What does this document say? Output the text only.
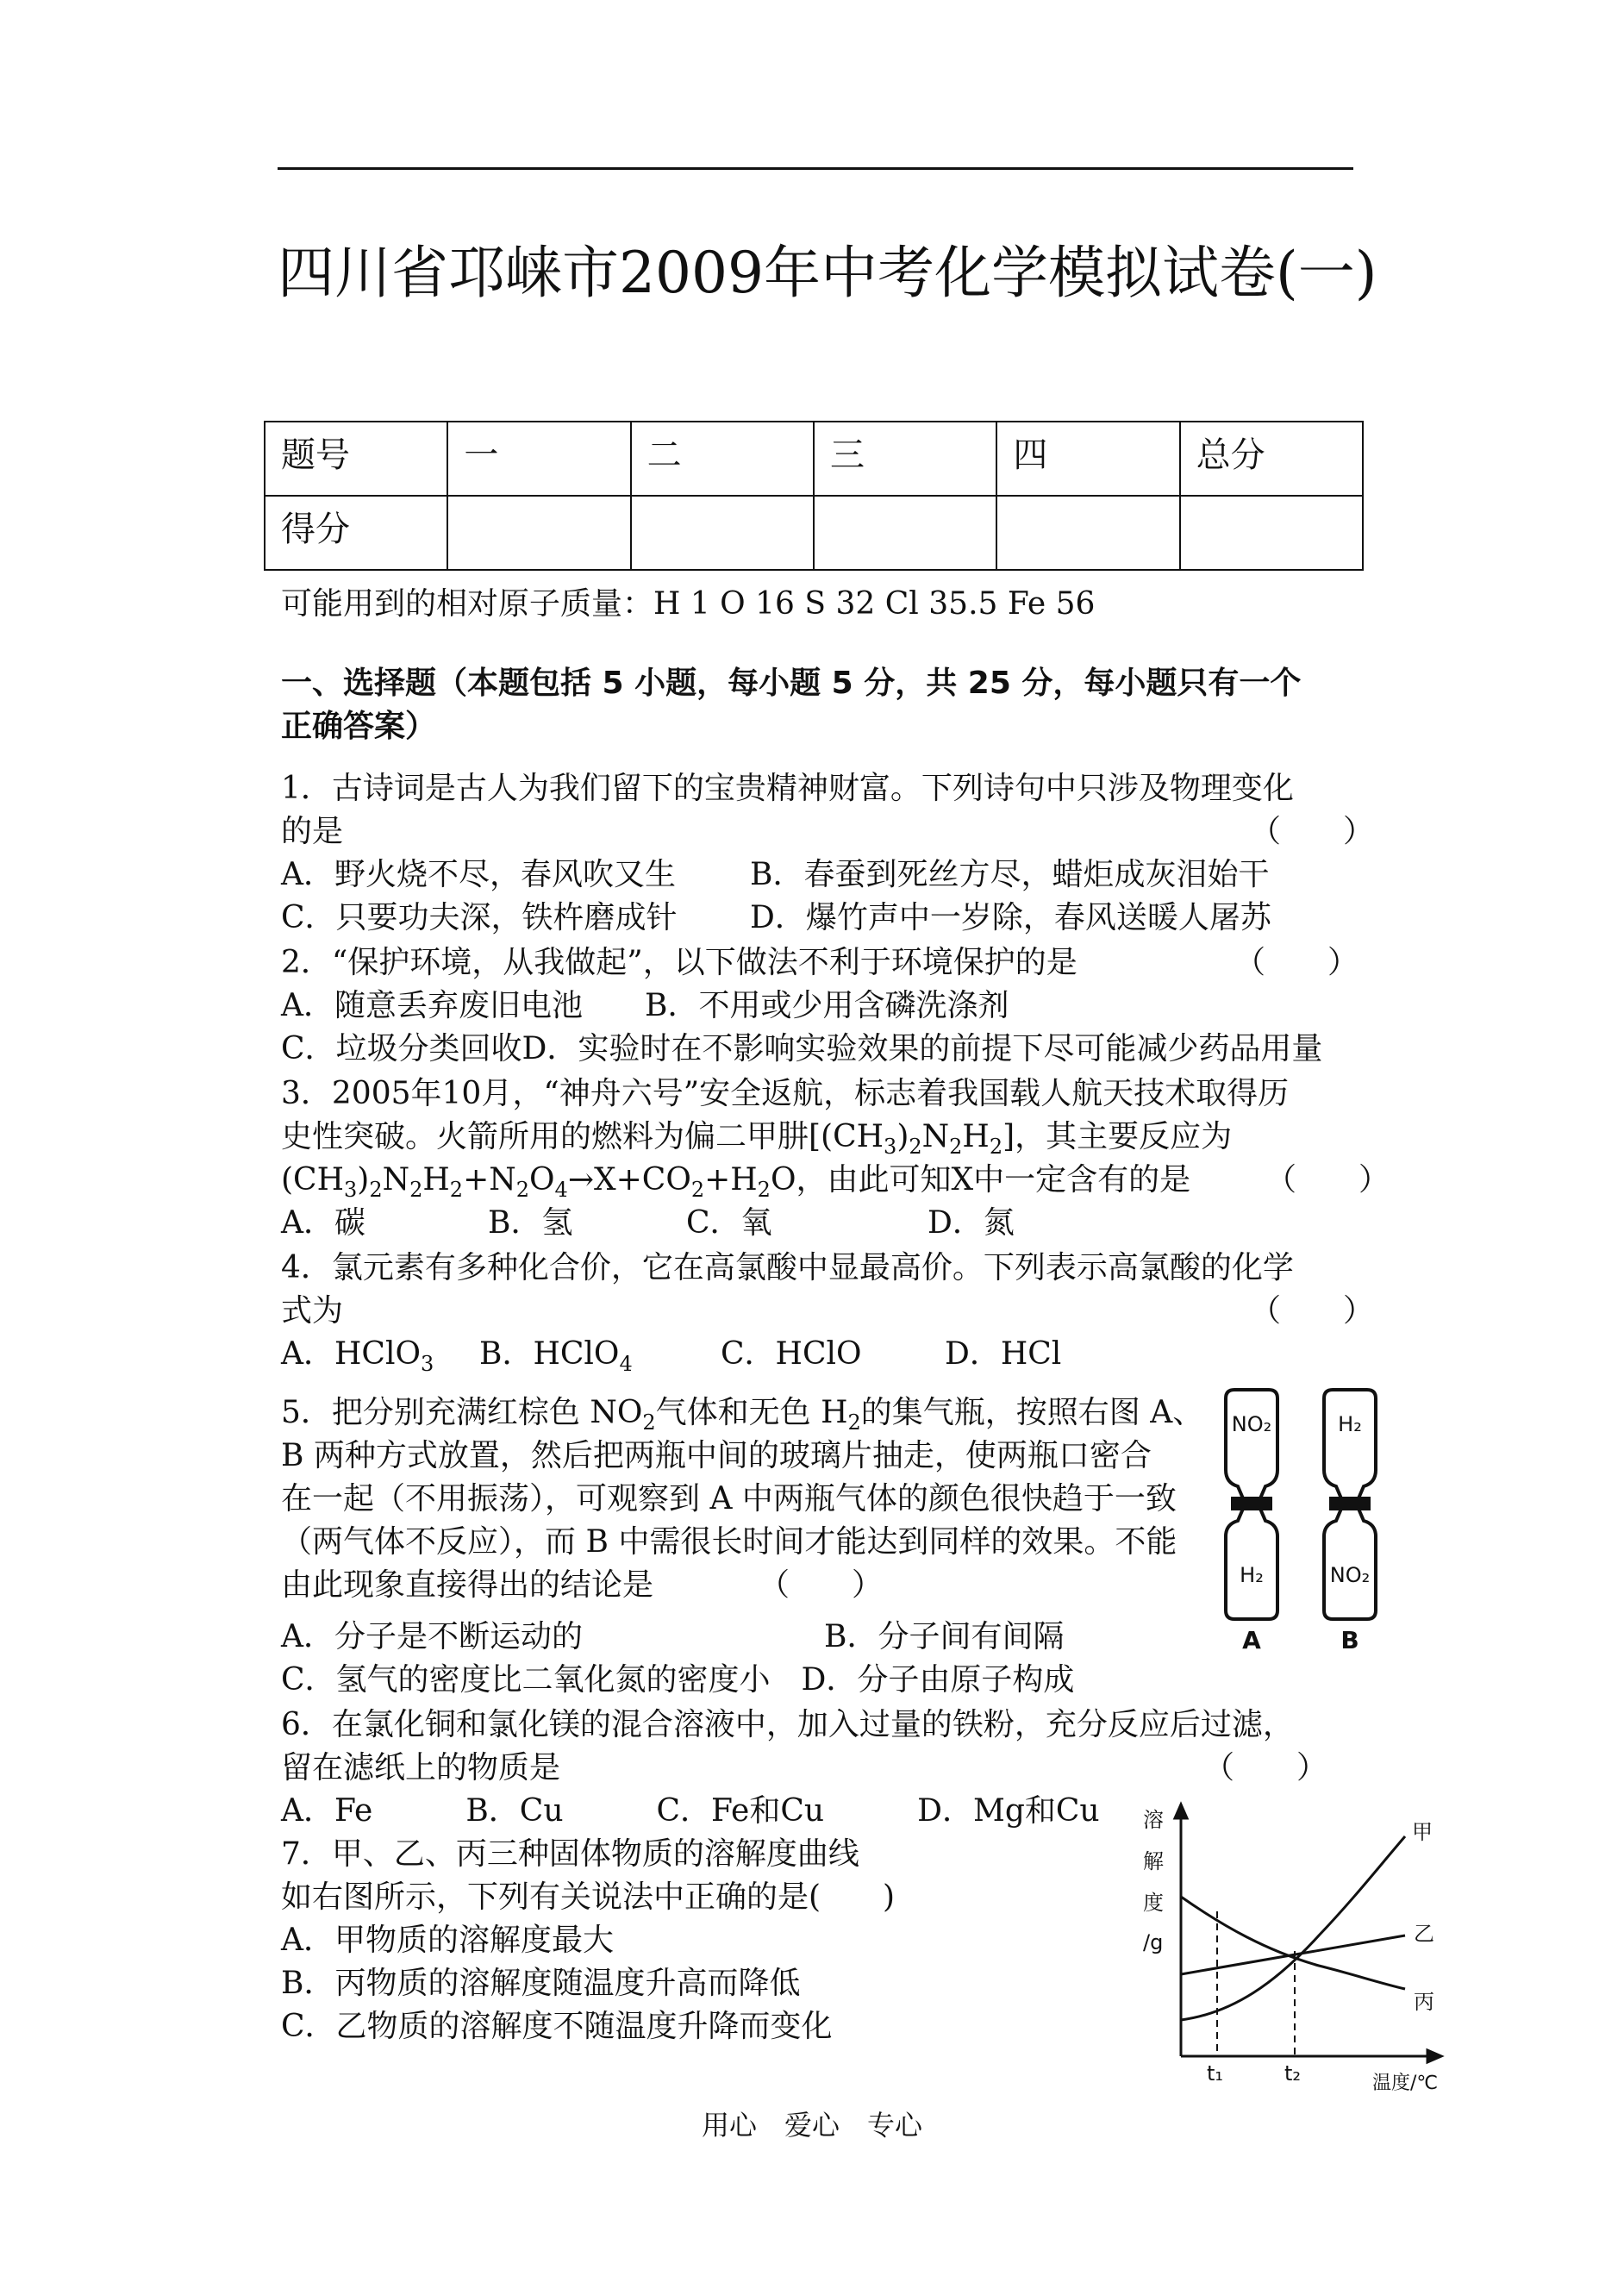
四川省邛崃市2009年中考化学模拟试卷(一)
题号	一	二	三	四	总分
得分					
可能用到的相对原子质量：H 1 O 16 S 32 Cl 35.5 Fe 56
一、选择题（本题包括 5 小题，每小题 5 分，共 25 分，每小题只有一个
正确答案）
1．古诗词是古人为我们留下的宝贵精神财富。下列诗句中只涉及物理变化
的是	（　　）
A．野火烧不尽，春风吹又生 B．春蚕到死丝方尽，蜡炬成灰泪始干
C．只要功夫深，铁杵磨成针 D．爆竹声中一岁除，春风送暖人屠苏
2．“保护环境，从我做起”，以下做法不利于环境保护的是	（　　）
A．随意丢弃废旧电池　　B．不用或少用含磷洗涤剂
C．垃圾分类回收D．实验时在不影响实验效果的前提下尽可能减少药品用量
3．2005年10月，“神舟六号”安全返航，标志着我国载人航天技术取得历
史性突破。火箭所用的燃料为偏二甲肼$[(CH_3)_2N_2H_2]$，其主要反应为
$(CH_3)_2N_2H_2+N_2O_4\to X+CO_2+H_2O$，由此可知X中一定含有的是 （　　）
A．碳	B．氢	C．氧	D．氮
4．氯元素有多种化合价，它在高氯酸中显最高价。下列表示高氯酸的化学
式为	（　　）
A．HClO$_3$ B．HClO$_4$	C．HClO	D．HCl
5．把分别充满红棕色 $NO_2$气体和无色 $H_2$的集气瓶，按照右图 A、
B 两种方式放置，然后把两瓶中间的玻璃片抽走，使两瓶口密合
在一起（不用振荡），可观察到 A 中两瓶气体的颜色很快趋于一致
（两气体不反应），而 B 中需很长时间才能达到同样的效果。不能
由此现象直接得出的结论是	（　　）
A．分子是不断运动的	B．分子间有间隔
C．氢气的密度比二氧化氮的密度小　D．分子由原子构成
NO₂
H₂
H₂
NO₂
A	B
6．在氯化铜和氯化镁的混合溶液中，加入过量的铁粉，充分反应后过滤，
留在滤纸上的物质是	（　　）
A．Fe　　　B．Cu　　　C．Fe和Cu　　　D．Mg和Cu
7．甲、乙、丙三种固体物质的溶解度曲线
如右图所示，下列有关说法中正确的是(　　)
A．甲物质的溶解度最大
B．丙物质的溶解度随温度升高而降低
C．乙物质的溶解度不随温度升降而变化
溶
解
度
/g
甲
乙
丙
t₁	t₂	温度/℃
用心　爱心　专心
